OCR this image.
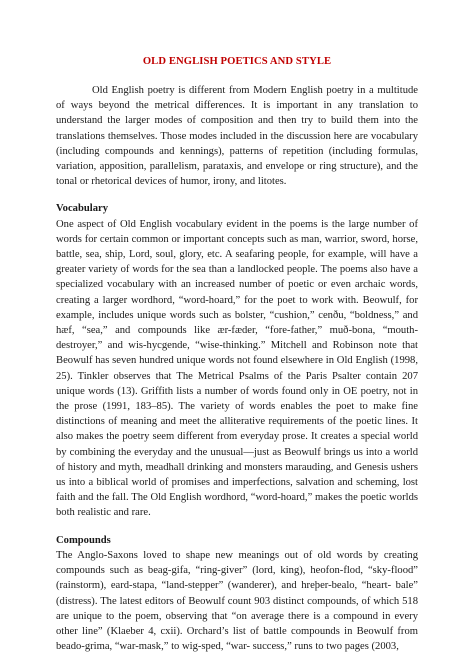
OLD ENGLISH POETICS AND STYLE

Old English poetry is different from Modern English poetry in a multitude of ways beyond the metrical differences. It is important in any translation to understand the larger modes of composition and then try to build them into the translations themselves. Those modes included in the discussion here are vocabulary (including compounds and kennings), patterns of repetition (including formulas, variation, apposition, parallelism, parataxis, and envelope or ring structure), and the tonal or rhetorical devices of humor, irony, and litotes.

Vocabulary

One aspect of Old English vocabulary evident in the poems is the large number of words for certain common or important concepts such as man, warrior, sword, horse, battle, sea, ship, Lord, soul, glory, etc. A seafaring people, for example, will have a greater variety of words for the sea than a landlocked people. The poems also have a specialized vocabulary with an increased number of poetic or even archaic words, creating a larger wordhord, “word-hoard,” for the poet to work with. Beowulf, for example, includes unique words such as bolster, “cushion,” cenðu, “boldness,” and hæf, “sea,” and compounds like ær-fæder, “fore-father,” muð-bona, “mouth-destroyer,” and wis-hycgende, “wise-thinking.” Mitchell and Robinson note that Beowulf has seven hundred unique words not found elsewhere in Old English (1998, 25). Tinkler observes that The Metrical Psalms of the Paris Psalter contain 207 unique words (13). Griffith lists a number of words found only in OE poetry, not in the prose (1991, 183–85). The variety of words enables the poet to make fine distinctions of meaning and meet the alliterative requirements of the poetic lines. It also makes the poetry seem different from everyday prose. It creates a special world by combining the everyday and the unusual—just as Beowulf brings us into a world of history and myth, meadhall drinking and monsters marauding, and Genesis ushers us into a biblical world of promises and imperfections, salvation and scheming, lost faith and the fall. The Old English wordhord, “word-hoard,” makes the poetic worlds both realistic and rare.

Compounds

The Anglo-Saxons loved to shape new meanings out of old words by creating compounds such as beag-gifa, “ring-giver” (lord, king), heofon-flod, “sky-flood” (rainstorm), eard-stapa, “land-stepper” (wanderer), and hreþer-bealo, “heart- bale” (distress). The latest editors of Beowulf count 903 distinct compounds, of which 518 are unique to the poem, observing that “on average there is a compound in every other line” (Klaeber 4, cxii). Orchard’s list of battle compounds in Beowulf from beado-grima, “war-mask,” to wig-sped, “war- success,” runs to two pages (2003,
